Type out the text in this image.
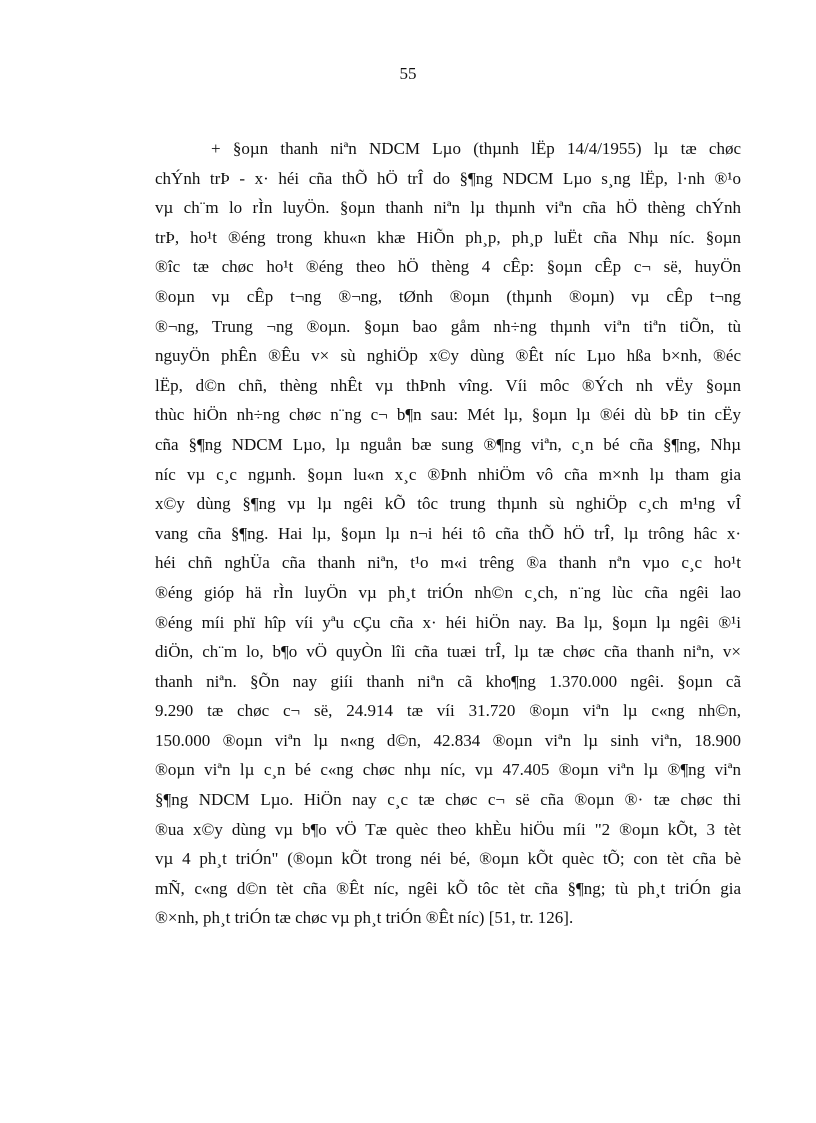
55
+ §oµn thanh niªn NDCM Lµo (thµnh lËp 14/4/1955) lµ tæ chøc
chÝnh trÞ - x· héi cña thÕ hÖ trÎ do §¶ng NDCM Lµo s¸ng lËp, l·nh ®¹o
vµ ch¨m lo rÌn luyÖn. §oµn thanh niªn lµ thµnh viªn cña hÖ thèng chÝnh
trÞ, ho¹t ®éng trong khu«n khæ HiÕn ph¸p, ph¸p luËt cña Nhµ níc. §oµn
®îc tæ chøc ho¹t ®éng theo hÖ thèng 4 cÊp: §oµn cÊp c¬ së, huyÖn
®oµn vµ cÊp t¬ng ®¬ng, tØnh ®oµn (thµnh ®oµn) vµ cÊp t¬ng
®¬ng, Trung ¬ng ®oµn. §oµn bao gåm nh÷ng thµnh viªn tiªn tiÕn, tù
nguyÖn phÊn ®Êu v× sù nghiÖp x©y dùng ®Êt níc Lµo hßa b×nh, ®éc
lËp, d©n chñ, thèng nhÊt vµ thÞnh vîng. Víi môc ®Ých nh vËy §oµn
thùc hiÖn nh÷ng chøc n¨ng c¬ b¶n sau: Mét lµ, §oµn lµ ®éi dù bÞ tin cËy
cña §¶ng NDCM Lµo, lµ nguån bæ sung ®¶ng viªn, c¸n bé cña §¶ng, Nhµ
níc vµ c¸c ngµnh. §oµn lu«n x¸c ®Þnh nhiÖm vô cña m×nh lµ tham gia
x©y dùng §¶ng vµ lµ ngêi kÕ tôc trung thµnh sù nghiÖp c¸ch m¹ng vÎ
vang cña §¶ng. Hai lµ, §oµn lµ n¬i héi tô cña thÕ hÖ trÎ, lµ trông hâc x·
héi chñ nghÜa cña thanh niªn, t¹o m«i trêng ®a thanh nªn vµo c¸c ho¹t
®éng gióp hä rÌn luyÖn vµ ph¸t triÓn nh©n c¸ch, n¨ng lùc cña ngêi lao
®éng míi phï hîp víi yªu cÇu cña x· héi hiÖn nay. Ba lµ, §oµn lµ ngêi ®¹i
diÖn, ch¨m lo, b¶o vÖ quyÒn lîi cña tuæi trÎ, lµ tæ chøc cña thanh niªn, v×
thanh niªn. §Õn nay giíi thanh niªn cã kho¶ng 1.370.000 ngêi. §oµn cã
9.290 tæ chøc c¬ së, 24.914 tæ víi 31.720 ®oµn viªn lµ c«ng nh©n,
150.000 ®oµn viªn lµ n«ng d©n, 42.834 ®oµn viªn lµ sinh viªn, 18.900
®oµn viªn lµ c¸n bé c«ng chøc nhµ níc, vµ 47.405 ®oµn viªn lµ ®¶ng viªn
§¶ng NDCM Lµo. HiÖn nay c¸c tæ chøc c¬ së cña ®oµn ®· tæ chøc thi
®ua x©y dùng vµ b¶o vÖ Tæ quèc theo khÈu hiÖu míi "2 ®oµn kÕt, 3 tèt
vµ 4 ph¸t triÓn" (®oµn kÕt trong néi bé, ®oµn kÕt quèc tÕ; con tèt cña bè
mÑ, c«ng d©n tèt cña ®Êt níc, ngêi kÕ tôc tèt cña §¶ng; tù ph¸t triÓn gia
®×nh, ph¸t triÓn tæ chøc vµ ph¸t triÓn ®Êt níc) [51, tr. 126].
